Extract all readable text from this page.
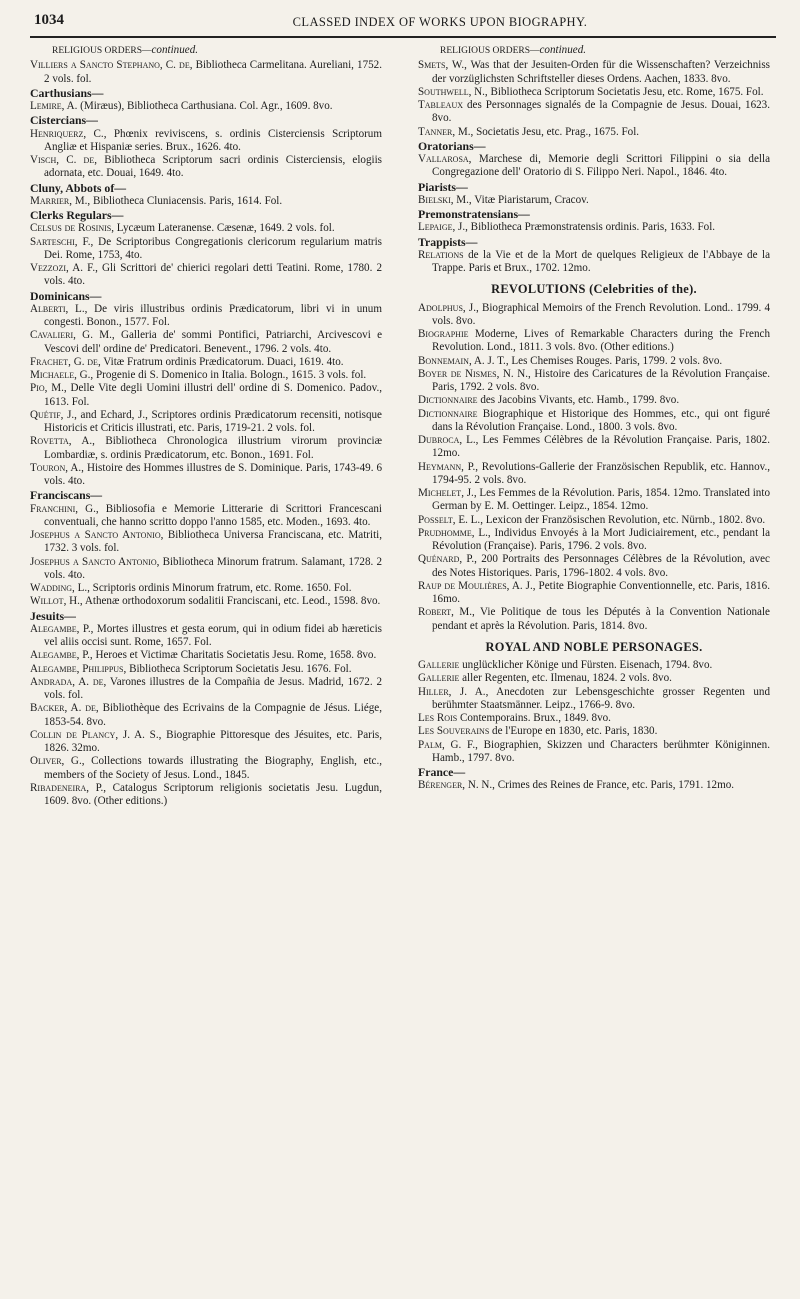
1034	CLASSED INDEX OF WORKS UPON BIOGRAPHY.
RELIGIOUS ORDERS—continued.
Villiers a Sancto Stephano, C. de, Bibliotheca Carmelitana. Aureliani, 1752. 2 vols. fol.
Carthusians—
Lemire, A. (Miræus), Bibliotheca Carthusiana. Col. Agr., 1609. 8vo.
Cistercians—
Henriquerz, C., Phœnix reviviscens, s. ordinis Cisterciensis Scriptorum Angliæ et Hispaniæ series. Brux., 1626. 4to.
Visch, C. de, Bibliotheca Scriptorum sacri ordinis Cisterciensis, elogiis adornata, etc. Douai, 1649. 4to.
Cluny, Abbots of—
Marrier, M., Bibliotheca Cluniacensis. Paris, 1614. Fol.
Clerks Regulars—
Celsus de Rosinis, Lycæum Lateranense. Cæsenæ, 1649. 2 vols. fol.
Sarteschi, F., De Scriptoribus Congregationis clericorum regularium matris Dei. Rome, 1753, 4to.
Vezzozi, A. F., Gli Scrittori de' chierici regolari detti Teatini. Rome, 1780. 2 vols. 4to.
Dominicans—
Alberti, L., De viris illustribus ordinis Prædicatorum, libri vi in unum congesti. Bonon., 1577. Fol.
Cavalieri, G. M., Galleria de' sommi Pontifici, Patriarchi, Arcivescovi e Vescovi dell' ordine de' Predicatori. Benevent., 1796. 2 vols. 4to.
Frachet, G. de, Vitæ Fratrum ordinis Prædicatorum. Duaci, 1619. 4to.
Michaele, G., Progenie di S. Domenico in Italia. Bologn., 1615. 3 vols. fol.
Pio, M., Delle Vite degli Uomini illustri dell' ordine di S. Domenico. Padov., 1613. Fol.
Quétif, J., and Echard, J., Scriptores ordinis Prædicatorum recensiti, notisque Historicis et Criticis illustrati, etc. Paris, 1719-21. 2 vols. fol.
Rovetta, A., Bibliotheca Chronologica illustrium virorum provinciæ Lombardiæ, s. ordinis Prædicatorum, etc. Bonon., 1691. Fol.
Touron, A., Histoire des Hommes illustres de S. Dominique. Paris, 1743-49. 6 vols. 4to.
Franciscans—
Franchini, G., Bibliosofia e Memorie Litterarie di Scrittori Francescani conventuali, che hanno scritto doppo l'anno 1585, etc. Moden., 1693. 4to.
Josephus a Sancto Antonio, Bibliotheca Universa Franciscana, etc. Matriti, 1732. 3 vols. fol.
Josephus a Sancto Antonio, Bibliotheca Minorum fratrum. Salamant, 1728. 2 vols. 4to.
Wadding, L., Scriptoris ordinis Minorum fratrum, etc. Rome. 1650. Fol.
Willot, H., Athenæ orthodoxorum sodalitii Franciscani, etc. Leod., 1598. 8vo.
Jesuits—
Alegambe, P., Mortes illustres et gesta eorum, qui in odium fidei ab hæreticis vel aliis occisi sunt. Rome, 1657. Fol.
Alegambe, P., Heroes et Victimæ Charitatis Societatis Jesu. Rome, 1658. 8vo.
Alegambe, Philippus, Bibliotheca Scriptorum Societatis Jesu. 1676. Fol.
Andrada, A. de, Varones illustres de la Compañia de Jesus. Madrid, 1672. 2 vols. fol.
Backer, A. de, Bibliothèque des Ecrivains de la Compagnie de Jésus. Liége, 1853-54. 8vo.
Collin de Plancy, J. A. S., Biographie Pittoresque des Jésuites, etc. Paris, 1826. 32mo.
Oliver, G., Collections towards illustrating the Biography, English, etc., members of the Society of Jesus. Lond., 1845.
Ribadeneira, P., Catalogus Scriptorum religionis societatis Jesu. Lugdun, 1609. 8vo. (Other editions.)
RELIGIOUS ORDERS—continued.
Smets, W., Was that der Jesuiten-Orden für die Wissenschaften? Verzeichniss der vorzüglichsten Schriftsteller dieses Ordens. Aachen, 1833. 8vo.
Southwell, N., Bibliotheca Scriptorum Societatis Jesu, etc. Rome, 1675. Fol.
Tableaux des Personnages signalés de la Compagnie de Jesus. Douai, 1623. 8vo.
Tanner, M., Societatis Jesu, etc. Prag., 1675. Fol.
Oratorians—
Vallarosa, Marchese di, Memorie degli Scrittori Filippini o sia della Congregazione dell' Oratorio di S. Filippo Neri. Napol., 1846. 4to.
Piarists—
Bielski, M., Vitæ Piaristarum, Cracov.
Premonstratensians—
Lepaige, J., Bibliotheca Præmonstratensis ordinis. Paris, 1633. Fol.
Trappists—
Relations de la Vie et de la Mort de quelques Religieux de l'Abbaye de la Trappe. Paris et Brux., 1702. 12mo.
REVOLUTIONS (Celebrities of the).
Adolphus, J., Biographical Memoirs of the French Revolution. Lond.. 1799. 4 vols. 8vo.
Biographie Moderne, Lives of Remarkable Characters during the French Revolution. Lond., 1811. 3 vols. 8vo. (Other editions.)
Bonnemain, A. J. T., Les Chemises Rouges. Paris, 1799. 2 vols. 8vo.
Boyer de Nismes, N. N., Histoire des Caricatures de la Révolution Française. Paris, 1792. 2 vols. 8vo.
Dictionnaire des Jacobins Vivants, etc. Hamb., 1799. 8vo.
Dictionnaire Biographique et Historique des Hommes, etc., qui ont figuré dans la Révolution Française. Lond., 1800. 3 vols. 8vo.
Dubroca, L., Les Femmes Célèbres de la Révolution Française. Paris, 1802. 12mo.
Heymann, P., Revolutions-Gallerie der Französischen Republik, etc. Hannov., 1794-95. 2 vols. 8vo.
Michelet, J., Les Femmes de la Révolution. Paris, 1854. 12mo. Translated into German by E. M. Oettinger. Leipz., 1854. 12mo.
Posselt, E. L., Lexicon der Französischen Revolution, etc. Nürnb., 1802. 8vo.
Prudhomme, L., Individus Envoyés à la Mort Judiciairement, etc., pendant la Révolution (Française). Paris, 1796. 2 vols. 8vo.
Quénard, P., 200 Portraits des Personnages Célèbres de la Révolution, avec des Notes Historiques. Paris, 1796-1802. 4 vols. 8vo.
Raup de Moulières, A. J., Petite Biographie Conventionnelle, etc. Paris, 1816. 16mo.
Robert, M., Vie Politique de tous les Députés à la Convention Nationale pendant et après la Révolution. Paris, 1814. 8vo.
ROYAL AND NOBLE PERSONAGES.
Gallerie unglücklicher Könige und Fürsten. Eisenach, 1794. 8vo.
Gallerie aller Regenten, etc. Ilmenau, 1824. 2 vols. 8vo.
Hiller, J. A., Anecdoten zur Lebensgeschichte grosser Regenten und berühmter Staatsmänner. Leipz., 1766-9. 8vo.
Les Rois Contemporains. Brux., 1849. 8vo.
Les Souverains de l'Europe en 1830, etc. Paris, 1830.
Palm, G. F., Biographien, Skizzen und Characters berühmter Königinnen. Hamb., 1797. 8vo.
France—
Bérenger, N. N., Crimes des Reines de France, etc. Paris, 1791. 12mo.
